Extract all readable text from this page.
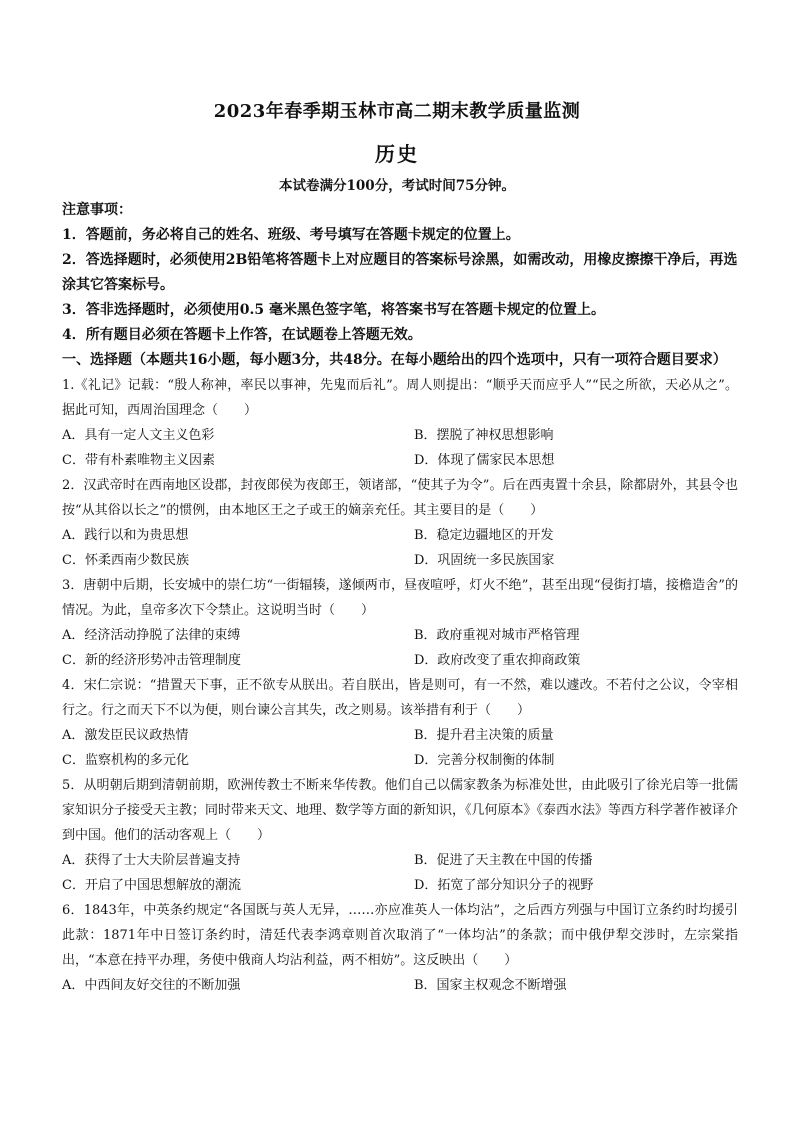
2023年春季期玉林市高二期末教学质量监测
历史
本试卷满分100分，考试时间75分钟。

注意事项：

1．答题前，务必将自己的姓名、班级、考号填写在答题卡规定的位置上。

2．答选择题时，必须使用2B铅笔将答题卡上对应题目的答案标号涂黑，如需改动，用橡皮擦擦干净后，再选涂其它答案标号。

3．答非选择题时，必须使用0.5 毫米黑色签字笔，将答案书写在答题卡规定的位置上。

4．所有题目必须在答题卡上作答，在试题卷上答题无效。

一、选择题（本题共16小题，每小题3分，共48分。在每小题给出的四个选项中，只有一项符合题目要求）

1.《礼记》记载：“殷人称神，率民以事神，先鬼而后礼”。周人则提出：“顺乎天而应乎人”“民之所欲，天必从之”。据此可知，西周治国理念（　　）

A．具有一定人文主义色彩	B．摆脱了神权思想影响

C．带有朴素唯物主义因素	D．体现了儒家民本思想

2．汉武帝时在西南地区设郡，封夜郎侯为夜郎王，领诸部，“使其子为令”。后在西夷置十余县，除都尉外，其县令也按“从其俗以长之”的惯例，由本地区王之子或王的嫡亲充任。其主要目的是（　　）

A．践行以和为贵思想	B．稳定边疆地区的开发

C．怀柔西南少数民族	D．巩固统一多民族国家

3．唐朝中后期，长安城中的崇仁坊“一街辐辏，遂倾两市，昼夜喧呼，灯火不绝”，甚至出现“侵街打墙，接檐造舍”的情况。为此，皇帝多次下令禁止。这说明当时（　　）

A．经济活动挣脱了法律的束缚	B．政府重视对城市严格管理

C．新的经济形势冲击管理制度	D．政府改变了重农抑商政策

4．宋仁宗说：“措置天下事，正不欲专从朕出。若自朕出，皆是则可，有一不然，难以遽改。不若付之公议，令宰相行之。行之而天下不以为便，则台谏公言其失，改之则易。该举措有利于（　　）

A．激发臣民议政热情	B．提升君主决策的质量

C．监察机构的多元化	D．完善分权制衡的体制

5．从明朝后期到清朝前期，欧洲传教士不断来华传教。他们自己以儒家教条为标准处世，由此吸引了徐光启等一批儒家知识分子接受天主教；同时带来天文、地理、数学等方面的新知识，《几何原本》《泰西水法》等西方科学著作被译介到中国。他们的活动客观上（　　）

A．获得了士大夫阶层普遍支持	B．促进了天主教在中国的传播

C．开启了中国思想解放的潮流	D．拓宽了部分知识分子的视野

6．1843年，中英条约规定“各国既与英人无异，……亦应准英人一体均沾”，之后西方列强与中国订立条约时均援引此款：1871年中日签订条约时，清廷代表李鸿章则首次取消了“一体均沾”的条款；而中俄伊犁交涉时，左宗棠指出，“本意在持平办理，务使中俄商人均沾利益，两不相妨”。这反映出（　　）

A．中西间友好交往的不断加强	B．国家主权观念不断增强
